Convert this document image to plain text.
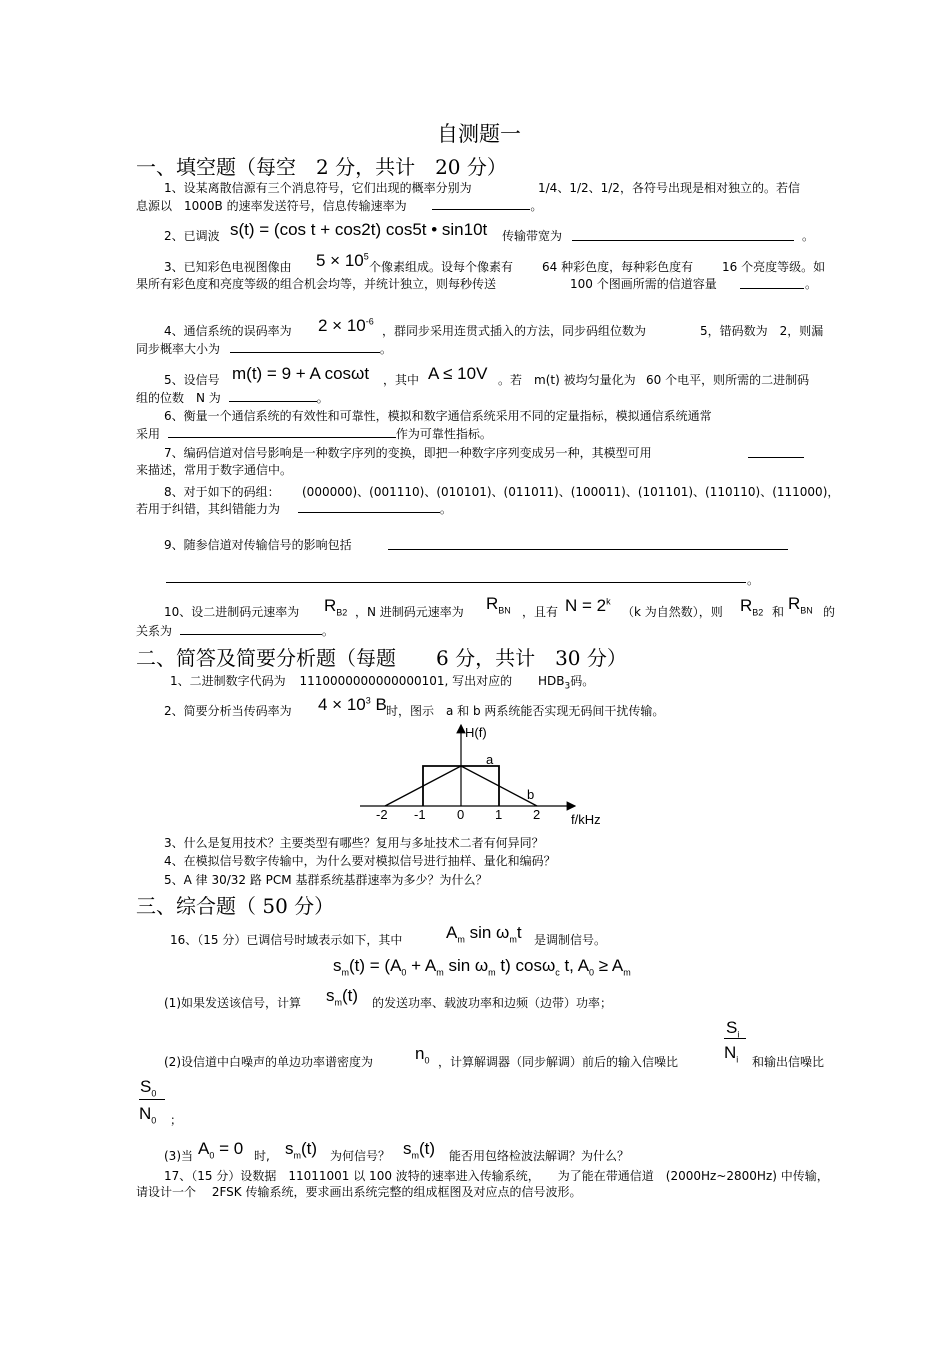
自测题一
一、填空题（每空　2 分，共计　20 分）
1、设某离散信源有三个消息符号，它们出现的概率分别为	1/4、1/2、1/2，各符号出现是相对独立的。若信
息源以　1000B 的速率发送符号，信息传输速率为	。
2、已调波 s(t) = (cos t + cos2t) cos5t • sin10t 传输带宽为	。
3、已知彩色电视图像由 $5 \times 10^5$
个像素组成。设每个像素有 64 种彩色度，每种彩色度有 16 个亮度等级。如
果所有彩色度和亮度等级的组合机会均等，并统计独立，则每秒传送	100 个图画所需的信道容量	。
4、通信系统的误码率为 $2 \times 10^{-6}$
，群同步采用连贯式插入的方法，同步码组位数为	5，错码数为　2，则漏
同步概率大小为	。
5、设信号 m(t) = 9 + A cosωt ，其中 A ≤ 10V 。若　m(t) 被均匀量化为 60 个电平，则所需的二进制码
组的位数　N 为	。
6、衡量一个通信系统的有效性和可靠性，模拟和数字通信系统采用不同的定量指标，模拟通信系统通常
采用	作为可靠性指标。
7、编码信道对信号影响是一种数字序列的变换，即把一种数字序列变成另一种，其模型可用
来描述，常用于数字通信中。
8、对于如下的码组： (000000)、(001110)、(010101)、(011011)、(100011)、(101101)、(110110)、(111000)，
若用于纠错，其纠错能力为	。
9、随参信道对传输信号的影响包括
。
10、设二进制码元速率为 $R_{B2}$ ，N 进制码元速率为 $R_{BN}$ ，且有 $N = 2^k$
（k 为自然数），则 $R_{B2}$ 和 $R_{BN}$ 的
关系为	。
二、简答及简要分析题（每题　　6 分，共计　30 分）
1、二进制数字代码为 1110000000000000101, 写出对应的 $HDB_3$码。
2、简要分析当传码率为 $4 \times 10^3$ B 时，图示　a 和 b 两系统能否实现无码间干扰传输。
H(f)
a
b
-2 -1 0 1 2 f/kHz
3、什么是复用技术？主要类型有哪些？复用与多址技术二者有何异同？
4、在模拟信号数字传输中，为什么要对模拟信号进行抽样、量化和编码？
5、A 律 30/32 路 PCM 基群系统基群速率为多少？为什么？
三、综合题（ 50 分）
16、（15 分）已调信号时域表示如下，其中	$A_m$ $\sin \omega_mt$ 是调制信号。
$s_m(t) = (A_0 + A_m$ $\sin \omega_m$ t) cosω$_c$ t, $A_0 \ge A_m$
(1)如果发送该信号，计算 $s_m(t)$ 的发送功率、载波功率和边频（边带）功率；
$S_i$
$N_i$
(2)设信道中白噪声的单边功率谱密度为 $n_0$ ，计算解调器（同步解调）前后的输入信噪比	和输出信噪比
$S_0$
$N_0$ ；
(3)当 $A_0 = 0$ 时, $s_m(t)$ 为何信号？ $s_m(t)$ 能否用包络检波法解调？为什么？
17、（15 分）设数据　11011001 以 100 波特的速率进入传输系统，　　为了能在带通信道　(2000Hz~2800Hz) 中传输，
请设计一个　 2FSK 传输系统，要求画出系统完整的组成框图及对应点的信号波形。
